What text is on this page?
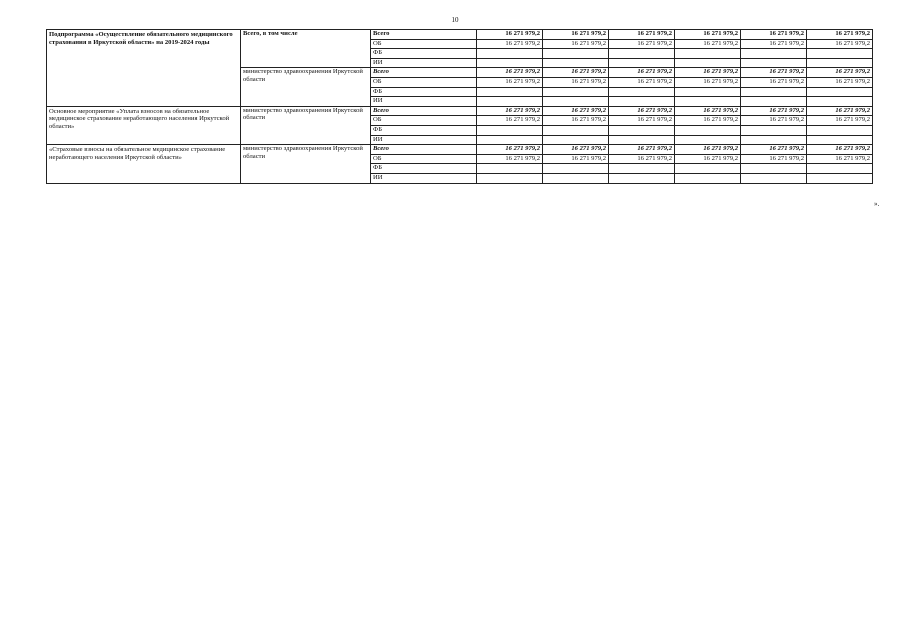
10
Подпрограмма «Осуществление обязательного медицинского страхования в Иркутской области» на 2019-2024 годы	Всего, в том числе	Всего	16 271 979,2	16 271 979,2	16 271 979,2	16 271 979,2	16 271 979,2	16 271 979,2
		ОБ	16 271 979,2	16 271 979,2	16 271 979,2	16 271 979,2	16 271 979,2	16 271 979,2
		ФБ						
		ИИ						
	министерство здравоохранения Иркутской области	Всего	16 271 979,2	16 271 979,2	16 271 979,2	16 271 979,2	16 271 979,2	16 271 979,2
		ОБ	16 271 979,2	16 271 979,2	16 271 979,2	16 271 979,2	16 271 979,2	16 271 979,2
		ФБ						
		ИИ						
Основное мероприятие «Уплата взносов на обязательное медицинское страхование неработающего населения Иркутской области»	министерство здравоохранения Иркутской области	Всего	16 271 979,2	16 271 979,2	16 271 979,2	16 271 979,2	16 271 979,2	16 271 979,2
		ОБ	16 271 979,2	16 271 979,2	16 271 979,2	16 271 979,2	16 271 979,2	16 271 979,2
		ФБ						
		ИИ						
«Страховые взносы на обязательное медицинское страхование неработающего населения Иркутской области»	министерство здравоохранения Иркутской области	Всего	16 271 979,2	16 271 979,2	16 271 979,2	16 271 979,2	16 271 979,2	16 271 979,2
		ОБ	16 271 979,2	16 271 979,2	16 271 979,2	16 271 979,2	16 271 979,2	16 271 979,2
		ФБ						
		ИИ						
».
